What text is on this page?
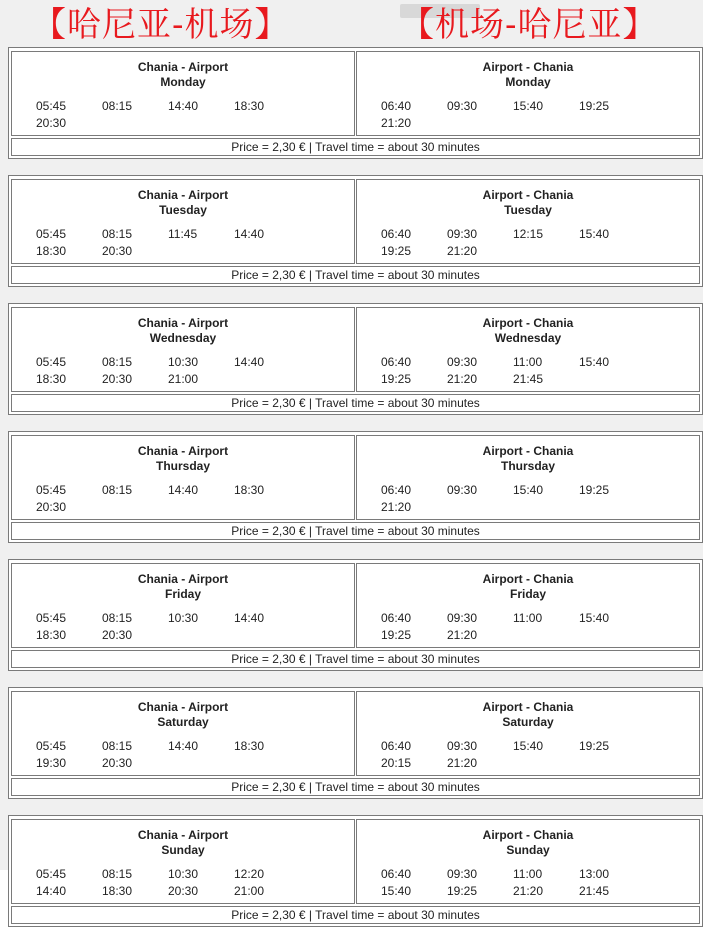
【哈尼亚-机场】	【机场-哈尼亚】
Chania - Airport
Monday
05:45	08:15	14:40	18:30
20:30
Airport - Chania
Monday
06:40	09:30	15:40	19:25
21:20
Price = 2,30 € | Travel time = about 30 minutes
Chania - Airport
Tuesday
05:45	08:15	11:45	14:40
18:30	20:30
Airport - Chania
Tuesday
06:40	09:30	12:15	15:40
19:25	21:20
Price = 2,30 € | Travel time = about 30 minutes
Chania - Airport
Wednesday
05:45	08:15	10:30	14:40
18:30	20:30	21:00
Airport - Chania
Wednesday
06:40	09:30	11:00	15:40
19:25	21:20	21:45
Price = 2,30 € | Travel time = about 30 minutes
Chania - Airport
Thursday
05:45	08:15	14:40	18:30
20:30
Airport - Chania
Thursday
06:40	09:30	15:40	19:25
21:20
Price = 2,30 € | Travel time = about 30 minutes
Chania - Airport
Friday
05:45	08:15	10:30	14:40
18:30	20:30
Airport - Chania
Friday
06:40	09:30	11:00	15:40
19:25	21:20
Price = 2,30 € | Travel time = about 30 minutes
Chania - Airport
Saturday
05:45	08:15	14:40	18:30
19:30	20:30
Airport - Chania
Saturday
06:40	09:30	15:40	19:25
20:15	21:20
Price = 2,30 € | Travel time = about 30 minutes
Chania - Airport
Sunday
05:45	08:15	10:30	12:20
14:40	18:30	20:30	21:00
Airport - Chania
Sunday
06:40	09:30	11:00	13:00
15:40	19:25	21:20	21:45
Price = 2,30 € | Travel time = about 30 minutes
